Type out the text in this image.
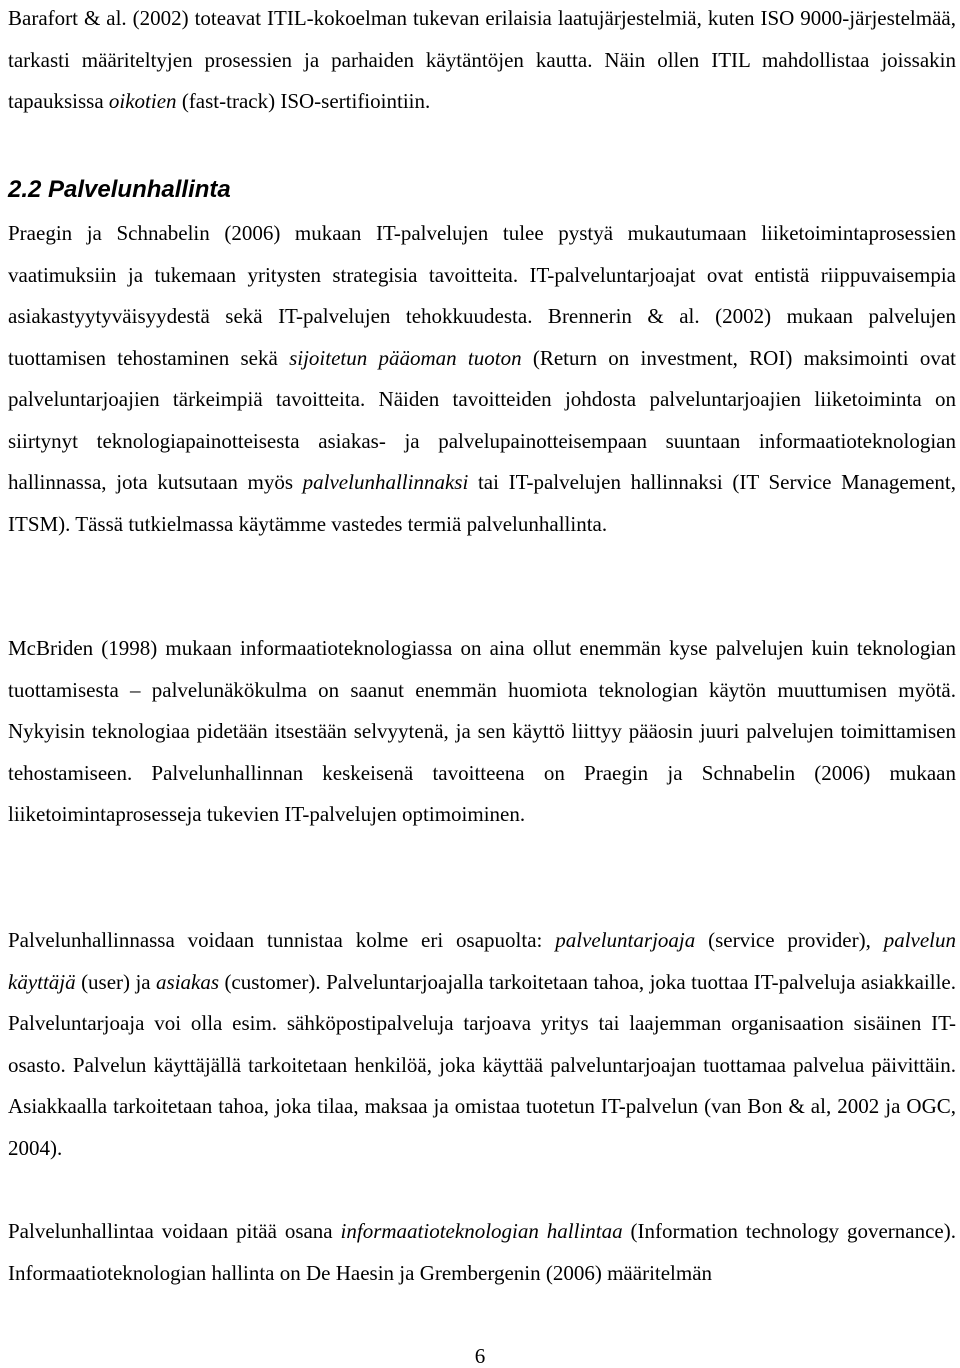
Barafort & al. (2002) toteavat ITIL-kokoelman tukevan erilaisia laatujärjestelmiä, kuten ISO 9000-järjestelmää, tarkasti määriteltyjen prosessien ja parhaiden käytäntöjen kautta. Näin ollen ITIL mahdollistaa joissakin tapauksissa oikotien (fast-track) ISO-sertifiointiin.

2.2 Palvelunhallinta

Praegin ja Schnabelin (2006) mukaan IT-palvelujen tulee pystyä mukautumaan liiketoimintaprosessien vaatimuksiin ja tukemaan yritysten strategisia tavoitteita. IT-palveluntarjoajat ovat entistä riippuvaisempia asiakastyytyväisyydestä sekä IT-palvelujen tehokkuudesta. Brennerin & al. (2002) mukaan palvelujen tuottamisen tehostaminen sekä sijoitetun pääoman tuoton (Return on investment, ROI) maksimointi ovat palveluntarjoajien tärkeimpiä tavoitteita. Näiden tavoitteiden johdosta palveluntarjoajien liiketoiminta on siirtynyt teknologiapainotteisesta asiakas- ja palvelupainotteisempaan suuntaan informaatioteknologian hallinnassa, jota kutsutaan myös palvelunhallinnaksi tai IT-palvelujen hallinnaksi (IT Service Management, ITSM). Tässä tutkielmassa käytämme vastedes termiä palvelunhallinta.

McBriden (1998) mukaan informaatioteknologiassa on aina ollut enemmän kyse palvelujen kuin teknologian tuottamisesta – palvelunäkökulma on saanut enemmän huomiota teknologian käytön muuttumisen myötä. Nykyisin teknologiaa pidetään itsestään selvyytenä, ja sen käyttö liittyy pääosin juuri palvelujen toimittamisen tehostamiseen. Palvelunhallinnan keskeisenä tavoitteena on Praegin ja Schnabelin (2006) mukaan liiketoimintaprosesseja tukevien IT-palvelujen optimoiminen.

Palvelunhallinnassa voidaan tunnistaa kolme eri osapuolta: palveluntarjoaja (service provider), palvelun käyttäjä (user) ja asiakas (customer). Palveluntarjoajalla tarkoitetaan tahoa, joka tuottaa IT-palveluja asiakkaille. Palveluntarjoaja voi olla esim. sähköpostipalveluja tarjoava yritys tai laajemman organisaation sisäinen IT-osasto. Palvelun käyttäjällä tarkoitetaan henkilöä, joka käyttää palveluntarjoajan tuottamaa palvelua päivittäin. Asiakkaalla tarkoitetaan tahoa, joka tilaa, maksaa ja omistaa tuotetun IT-palvelun (van Bon & al, 2002 ja OGC, 2004).

Palvelunhallintaa voidaan pitää osana informaatioteknologian hallintaa (Information technology governance). Informaatioteknologian hallinta on De Haesin ja Grembergenin (2006) määritelmän

6
